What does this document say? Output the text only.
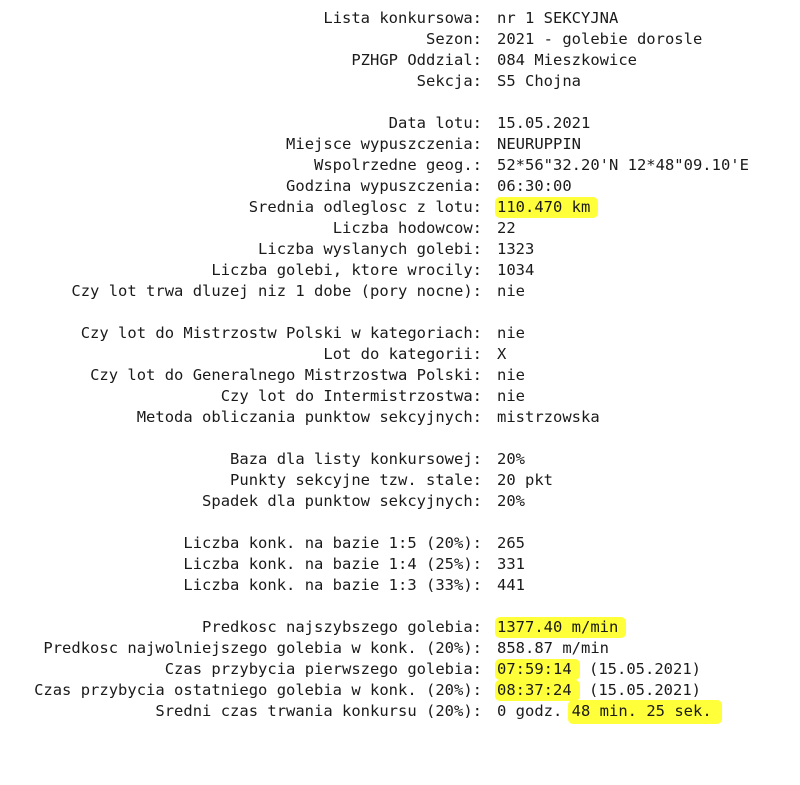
Lista konkursowa:

nr 1 SEKCYJNA

Sezon:

2021 - golebie dorosle

PZHGP Oddzial:

084 Mieszkowice

Sekcja:

S5 Chojna

Data lotu:

15.05.2021

Miejsce wypuszczenia:

NEURUPPIN

Wspolrzedne geog.:

52*56"32.20'N 12*48"09.10'E

Godzina wypuszczenia:

06:30:00

Srednia odleglosc z lotu:

110.470 km

Liczba hodowcow:

22

Liczba wyslanych golebi:

1323

Liczba golebi, ktore wrocily:

1034

Czy lot trwa dluzej niz 1 dobe (pory nocne):

nie

Czy lot do Mistrzostw Polski w kategoriach:

nie

Lot do kategorii:

X

Czy lot do Generalnego Mistrzostwa Polski:

nie

Czy lot do Intermistrzostwa:

nie

Metoda obliczania punktow sekcyjnych:

mistrzowska

Baza dla listy konkursowej:

20%

Punkty sekcyjne tzw. stale:

20 pkt

Spadek dla punktow sekcyjnych:

20%

Liczba konk. na bazie 1:5 (20%):

265

Liczba konk. na bazie 1:4 (25%):

331

Liczba konk. na bazie 1:3 (33%):

441

Predkosc najszybszego golebia:

1377.40 m/min

Predkosc najwolniejszego golebia w konk. (20%):

858.87 m/min

Czas przybycia pierwszego golebia:

07:59:14 (15.05.2021)

Czas przybycia ostatniego golebia w konk. (20%):

08:37:24 (15.05.2021)

Sredni czas trwania konkursu (20%):

0 godz. 48 min. 25 sek.
